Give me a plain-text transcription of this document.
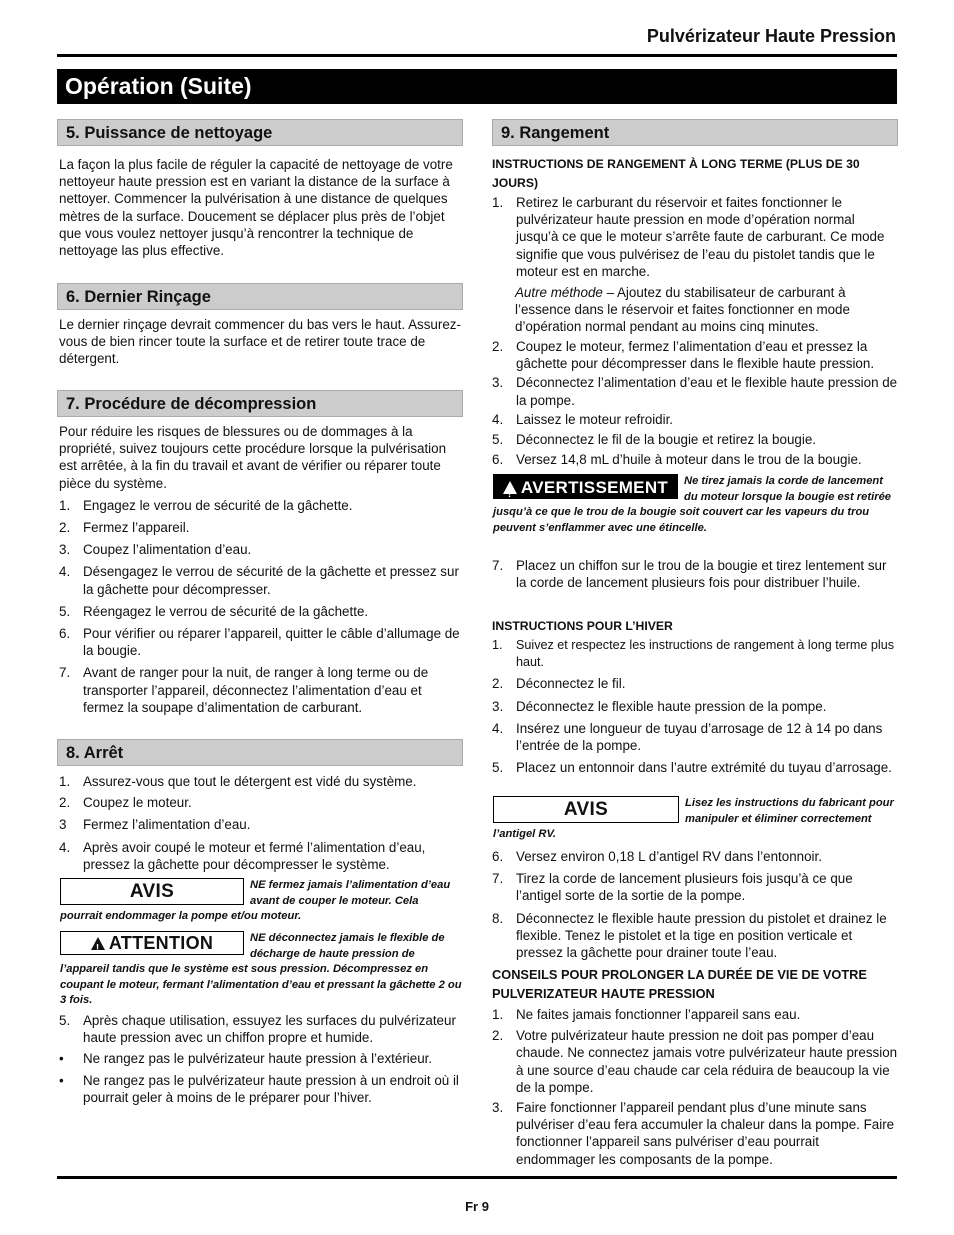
Pulvérizateur Haute Pression
Opération (Suite)
5. Puissance de nettoyage

La façon la plus facile de réguler la capacité de nettoyage de votre nettoyeur haute pression est en variant la distance de la surface à nettoyer. Commencer la pulvérisation à une distance de quelques mètres de la surface. Doucement se déplacer plus près de l’objet que vous voulez nettoyer jusqu’à rencontrer la technique de nettoyage las plus effective.

6. Dernier Rinçage

Le dernier rinçage devrait commencer du bas vers le haut. Assurez-vous de bien rincer toute la surface et de retirer toute trace de détergent.

7. Procédure de décompression

Pour réduire les risques de blessures ou de dommages à la propriété, suivez toujours cette procédure lorsque la pulvérisation est arrêtée, à la fin du travail et avant de vérifier ou réparer toute pièce du système.

1. Engagez le verrou de sécurité de la gâchette.
2. Fermez l’appareil.
3. Coupez l’alimentation d’eau.
4. Désengagez le verrou de sécurité de la gâchette et pressez sur la gâchette pour décompresser.
5. Réengagez le verrou de sécurité de la gâchette.
6. Pour vérifier ou réparer l’appareil, quitter le câble d’allumage de la bougie.
7. Avant de ranger pour la nuit, de ranger à long terme ou de transporter l’appareil, déconnectez l’alimentation d’eau et fermez la soupape d’alimentation de carburant.
8. Arrêt
1. Assurez-vous que tout le détergent est vidé du système.
2. Coupez le moteur.
3 Fermez l’alimentation d’eau.
4. Après avoir coupé le moteur et fermé l’alimentation d’eau, pressez la gâchette pour décompresser le système.
AVIS	NE fermez jamais l’alimentation d’eau avant de couper le moteur. Cela pourrait endommager la pompe et/ou moteur.
!ATTENTION	NE déconnectez jamais le flexible de décharge de haute pression de l’appareil tandis que le système est sous pression. Décompressez en coupant le moteur, fermant l’alimentation d’eau et pressant la gâchette 2 ou 3 fois.
5. Après chaque utilisation, essuyez les surfaces du pulvérizateur haute pression avec un chiffon propre et humide.
• Ne rangez pas le pulvérizateur haute pression à l’extérieur.
• Ne rangez pas le pulvérizateur haute pression à un endroit où il pourrait geler à moins de le préparer pour l’hiver.
9. Rangement
INSTRUCTIONS DE RANGEMENT À LONG TERME (PLUS DE 30 JOURS)
1. Retirez le carburant du réservoir et faites fonctionner le pulvérizateur haute pression en mode d’opération normal jusqu’à ce que le moteur s’arrête faute de carburant. Ce mode signifie que vous pulvérisez de l’eau du pistolet tandis que le moteur est en marche.

Autre méthode – Ajoutez du stabilisateur de carburant à l’essence dans le réservoir et faites fonctionner en mode d’opération normal pendant au moins cinq minutes.

2. Coupez le moteur, fermez l’alimentation d’eau et pressez la gâchette pour décompresser dans le flexible haute pression.
3. Déconnectez l’alimentation d’eau et le flexible haute pression de la pompe.
4. Laissez le moteur refroidir.
5. Déconnectez le fil de la bougie et retirez la bougie.
6. Versez 14,8 mL d’huile à moteur dans le trou de la bougie.
!AVERTISSEMENT	Ne tirez jamais la corde de lancement du moteur lorsque la bougie est retirée jusqu’à ce que le trou de la bougie soit couvert car les vapeurs du trou peuvent s’enflammer avec une étincelle.
7. Placez un chiffon sur le trou de la bougie et tirez lentement sur la corde de lancement plusieurs fois pour distribuer l’huile.
INSTRUCTIONS POUR L’HIVER
1. Suivez et respectez les instructions de rangement à long terme plus haut.
2. Déconnectez le fil.
3. Déconnectez le flexible haute pression de la pompe.
4. Insérez une longueur de tuyau d’arrosage de 12 à 14 po dans l’entrée de la pompe.
5. Placez un entonnoir dans l’autre extrémité du tuyau d’arrosage.
AVIS	Lisez les instructions du fabricant pour manipuler et éliminer correctement l’antigel RV.
6. Versez environ 0,18 L d’antigel RV dans l’entonnoir.
7. Tirez la corde de lancement plusieurs fois jusqu’à ce que l’antigel sorte de la sortie de la pompe.
8. Déconnectez le flexible haute pression du pistolet et drainez le flexible. Tenez le pistolet et la tige en position verticale et pressez la gâchette pour drainer toute l’eau.
CONSEILS POUR PROLONGER LA DURÉE DE VIE DE VOTRE PULVERIZATEUR HAUTE PRESSION
1. Ne faites jamais fonctionner l’appareil sans eau.
2. Votre pulvérizateur haute pression ne doit pas pomper d’eau chaude. Ne connectez jamais votre pulvérizateur haute pression à une source d’eau chaude car cela réduira de beaucoup la vie de la pompe.
3. Faire fonctionner l’appareil pendant plus d’une minute sans pulvériser d’eau fera accumuler la chaleur dans la pompe. Faire fonctionner l’appareil sans pulvériser d’eau pourrait endommager les composants de la pompe.
Fr 9
